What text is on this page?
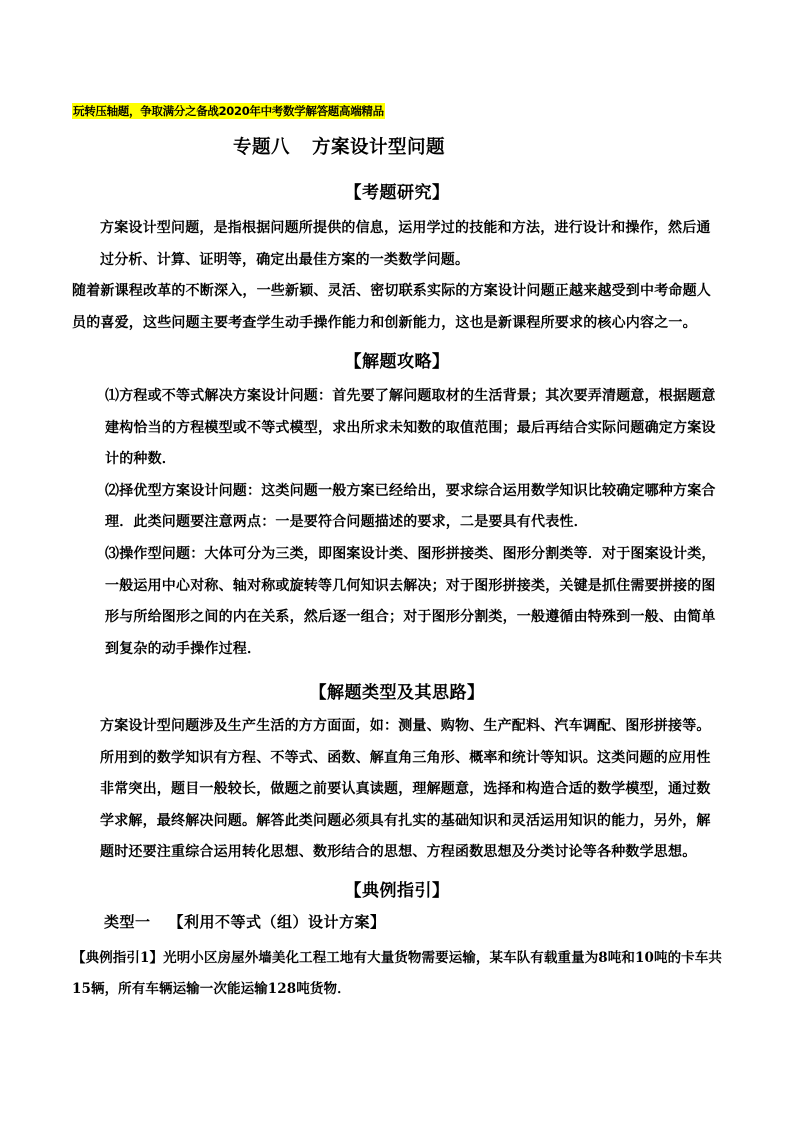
玩转压轴题，争取满分之备战2020年中考数学解答题高端精品
专题八 方案设计型问题
【考题研究】
方案设计型问题，是指根据问题所提供的信息，运用学过的技能和方法，进行设计和操作，然后通过分析、计算、证明等，确定出最佳方案的一类数学问题。
随着新课程改革的不断深入，一些新颖、灵活、密切联系实际的方案设计问题正越来越受到中考命题人员的喜爱，这些问题主要考查学生动手操作能力和创新能力，这也是新课程所要求的核心内容之一。
【解题攻略】
⑴方程或不等式解决方案设计问题：首先要了解问题取材的生活背景；其次要弄清题意，根据题意建构恰当的方程模型或不等式模型，求出所求未知数的取值范围；最后再结合实际问题确定方案设计的种数．
⑵择优型方案设计问题：这类问题一般方案已经给出，要求综合运用数学知识比较确定哪种方案合理．此类问题要注意两点：一是要符合问题描述的要求，二是要具有代表性．
⑶操作型问题：大体可分为三类，即图案设计类、图形拼接类、图形分割类等．对于图案设计类，一般运用中心对称、轴对称或旋转等几何知识去解决；对于图形拼接类，关键是抓住需要拼接的图形与所给图形之间的内在关系，然后逐一组合；对于图形分割类，一般遵循由特殊到一般、由简单到复杂的动手操作过程．
【解题类型及其思路】
方案设计型问题涉及生产生活的方方面面，如：测量、购物、生产配料、汽车调配、图形拼接等。所用到的数学知识有方程、不等式、函数、解直角三角形、概率和统计等知识。这类问题的应用性非常突出，题目一般较长，做题之前要认真读题，理解题意，选择和构造合适的数学模型，通过数学求解，最终解决问题。解答此类问题必须具有扎实的基础知识和灵活运用知识的能力，另外，解题时还要注重综合运用转化思想、数形结合的思想、方程函数思想及分类讨论等各种数学思想。
【典例指引】
类型一 【利用不等式（组）设计方案】
【典例指引1】光明小区房屋外墙美化工程工地有大量货物需要运输，某车队有载重量为8吨和10吨的卡车共15辆，所有车辆运输一次能运输128吨货物．
